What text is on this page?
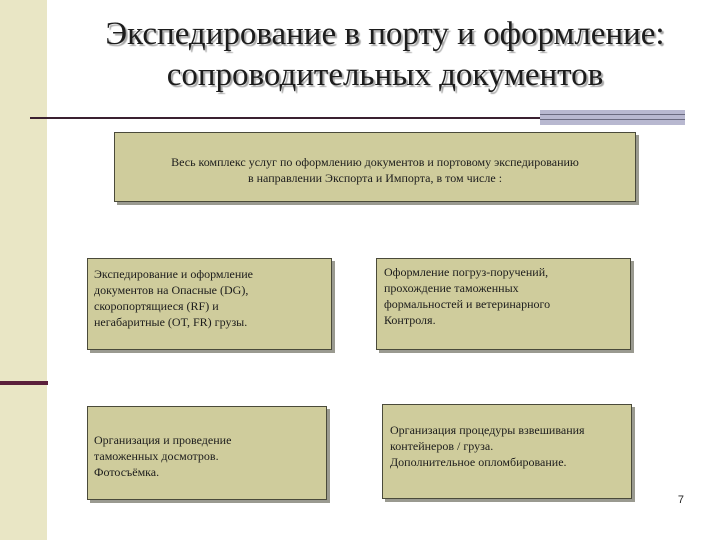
Экспедирование в порту и оформление:
сопроводительных документов
Весь комплекс услуг по оформлению документов и портовому экспедированию
в направлении Экспорта и Импорта, в том числе :
Экспедирование и оформление
документов на Опасные (DG),
скоропортящиеся (RF) и
негабаритные (OT, FR) грузы.
Оформление погруз-поручений,
прохождение таможенных
формальностей и ветеринарного
Контроля.
Организация и проведение
таможенных досмотров.
Фотосъёмка.
Организация процедуры взвешивания
контейнеров / груза.
Дополнительное опломбирование.
7
